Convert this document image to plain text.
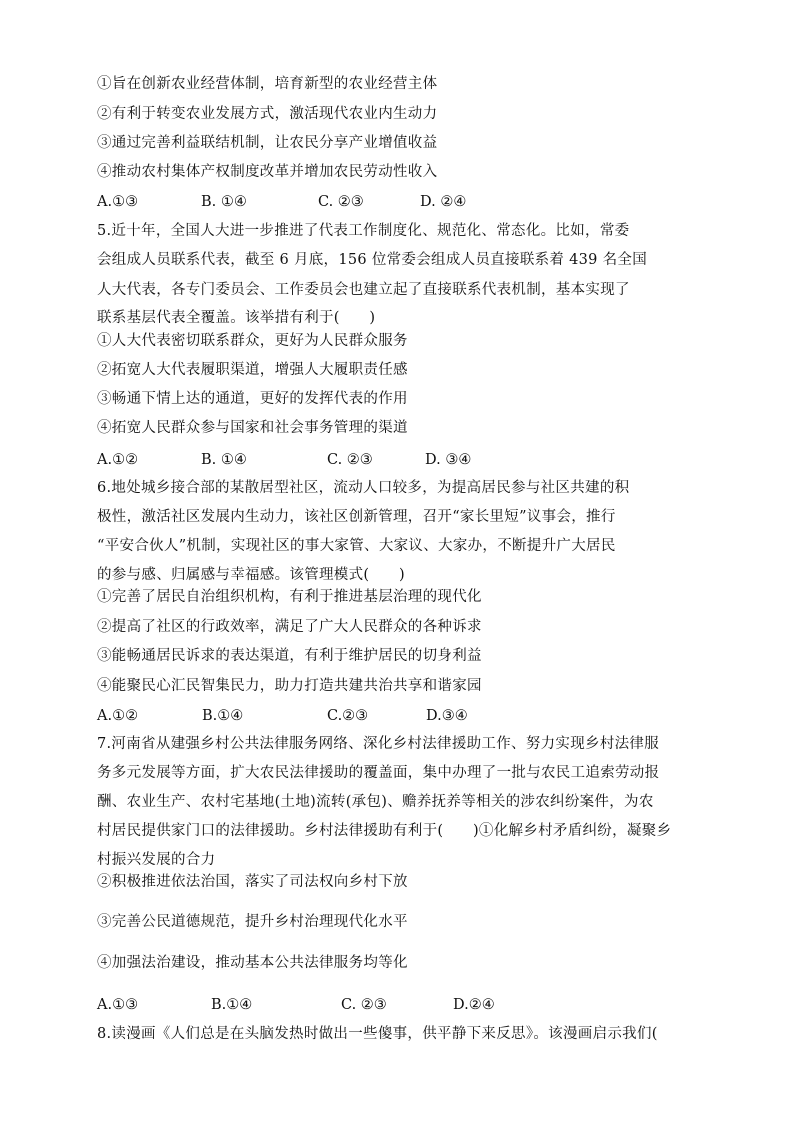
①旨在创新农业经营体制，培育新型的农业经营主体
②有利于转变农业发展方式，激活现代农业内生动力
③通过完善利益联结机制，让农民分享产业增值收益
④推动农村集体产权制度改革并增加农民劳动性收入
A.①③	B. ①④	C. ②③	D. ②④
5.近十年，全国人大进一步推进了代表工作制度化、规范化、常态化。比如，常委
会组成人员联系代表，截至 6 月底，156 位常委会组成人员直接联系着 439 名全国
人大代表，各专门委员会、工作委员会也建立起了直接联系代表机制，基本实现了
联系基层代表全覆盖。该举措有利于(　　)
①人大代表密切联系群众，更好为人民群众服务
②拓宽人大代表履职渠道，增强人大履职责任感
③畅通下情上达的通道，更好的发挥代表的作用
④拓宽人民群众参与国家和社会事务管理的渠道
A.①②	B. ①④	C. ②③	D. ③④
6.地处城乡接合部的某散居型社区，流动人口较多，为提高居民参与社区共建的积
极性，激活社区发展内生动力，该社区创新管理，召开“家长里短”议事会，推行
“平安合伙人”机制，实现社区的事大家管、大家议、大家办，不断提升广大居民
的参与感、归属感与幸福感。该管理模式(　　)
①完善了居民自治组织机构，有利于推进基层治理的现代化
②提高了社区的行政效率，满足了广大人民群众的各种诉求
③能畅通居民诉求的表达渠道，有利于维护居民的切身利益
④能聚民心汇民智集民力，助力打造共建共治共享和谐家园
A.①②	B.①④	C.②③	D.③④
7.河南省从建强乡村公共法律服务网络、深化乡村法律援助工作、努力实现乡村法律服
务多元发展等方面，扩大农民法律援助的覆盖面，集中办理了一批与农民工追索劳动报
酬、农业生产、农村宅基地(土地)流转(承包)、赡养抚养等相关的涉农纠纷案件，为农
村居民提供家门口的法律援助。乡村法律援助有利于(　　)①化解乡村矛盾纠纷，凝聚乡
村振兴发展的合力
②积极推进依法治国，落实了司法权向乡村下放
③完善公民道德规范，提升乡村治理现代化水平
④加强法治建设，推动基本公共法律服务均等化
A.①③	B.①④	C. ②③	D.②④
8.读漫画《人们总是在头脑发热时做出一些傻事，供平静下来反思》。该漫画启示我们(
